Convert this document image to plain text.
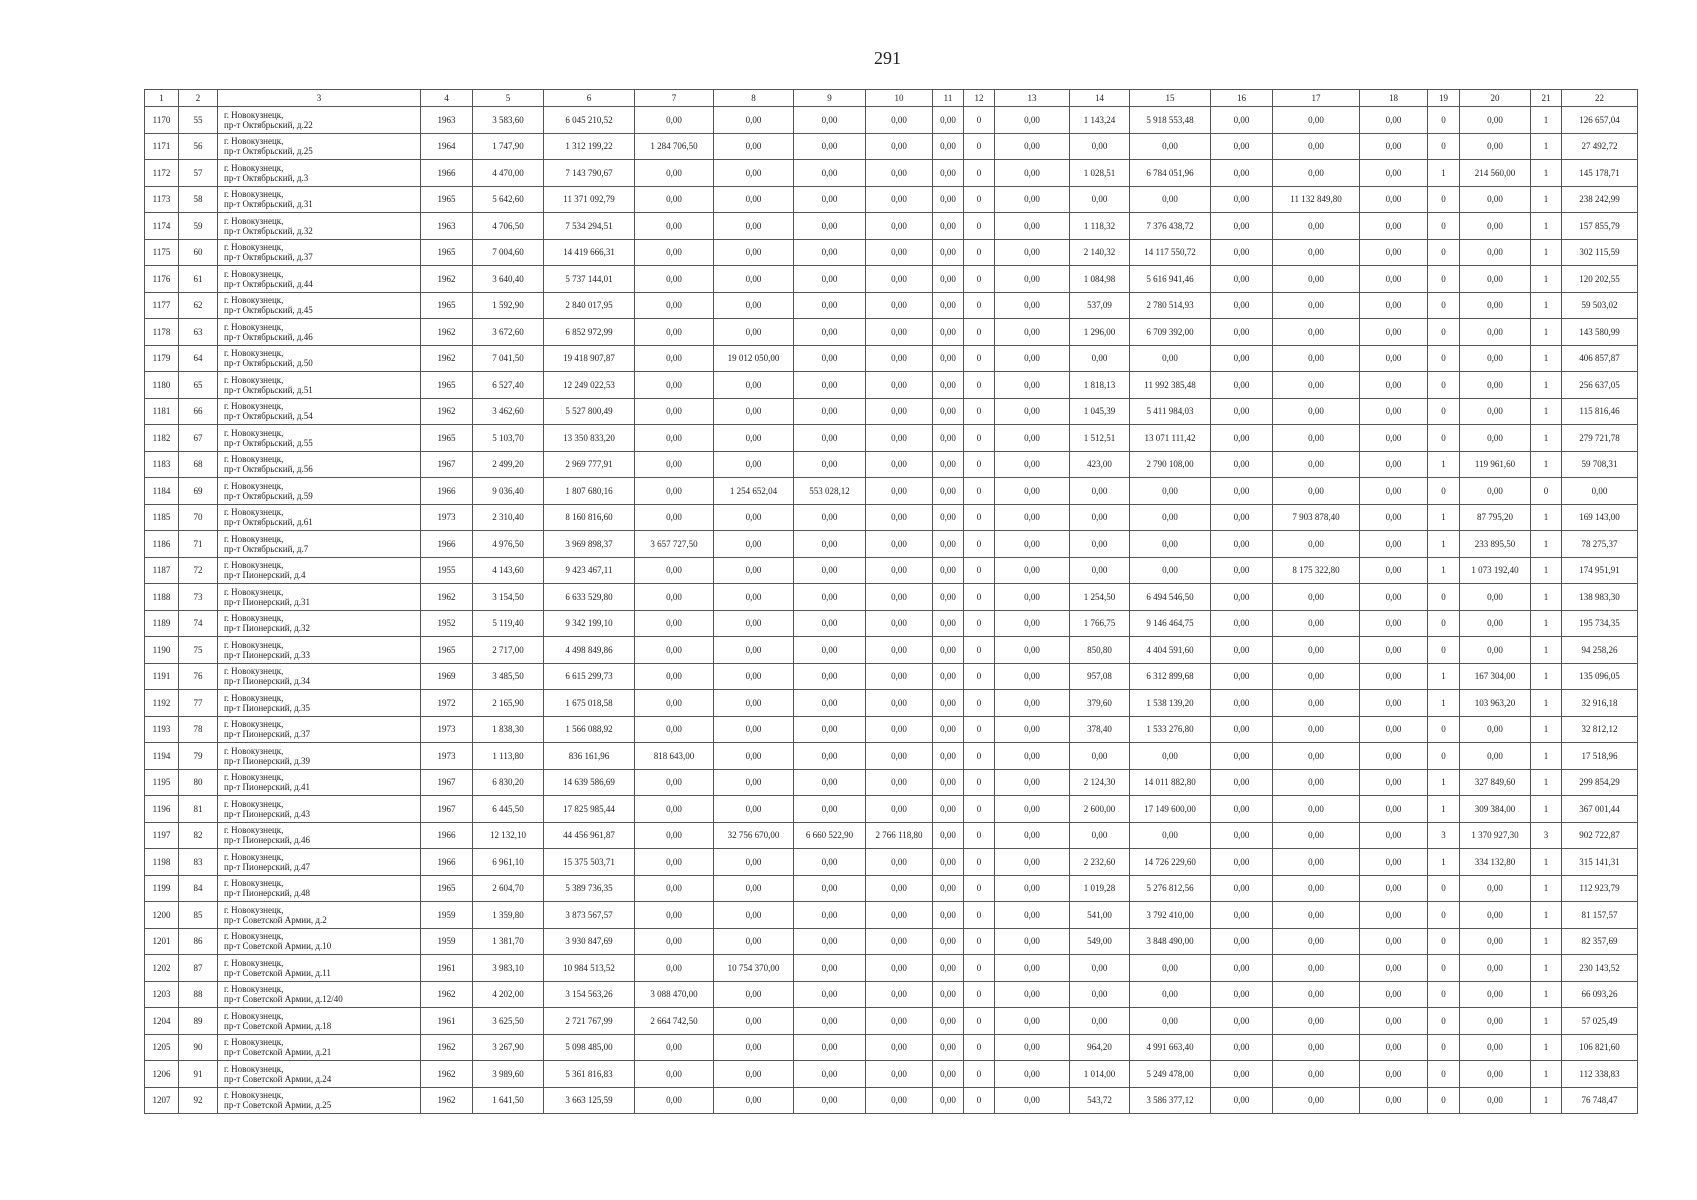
291
1	2	3	4	5	6	7	8	9	10	11	12	13	14	15	16	17	18	19	20	21	22
1170	55	г. Новокузнецк,
пр-т Октябрьский, д.22	1963	3 583,60	6 045 210,52	0,00	0,00	0,00	0,00	0,00	0	0,00	1 143,24	5 918 553,48	0,00	0,00	0,00	0	0,00	1	126 657,04
1171	56	г. Новокузнецк,
пр-т Октябрьский, д.25	1964	1 747,90	1 312 199,22	1 284 706,50	0,00	0,00	0,00	0,00	0	0,00	0,00	0,00	0,00	0,00	0,00	0	0,00	1	27 492,72
1172	57	г. Новокузнецк,
пр-т Октябрьский, д.3	1966	4 470,00	7 143 790,67	0,00	0,00	0,00	0,00	0,00	0	0,00	1 028,51	6 784 051,96	0,00	0,00	0,00	1	214 560,00	1	145 178,71
1173	58	г. Новокузнецк,
пр-т Октябрьский, д.31	1965	5 642,60	11 371 092,79	0,00	0,00	0,00	0,00	0,00	0	0,00	0,00	0,00	0,00	11 132 849,80	0,00	0	0,00	1	238 242,99
1174	59	г. Новокузнецк,
пр-т Октябрьский, д.32	1963	4 706,50	7 534 294,51	0,00	0,00	0,00	0,00	0,00	0	0,00	1 118,32	7 376 438,72	0,00	0,00	0,00	0	0,00	1	157 855,79
1175	60	г. Новокузнецк,
пр-т Октябрьский, д.37	1965	7 004,60	14 419 666,31	0,00	0,00	0,00	0,00	0,00	0	0,00	2 140,32	14 117 550,72	0,00	0,00	0,00	0	0,00	1	302 115,59
1176	61	г. Новокузнецк,
пр-т Октябрьский, д.44	1962	3 640,40	5 737 144,01	0,00	0,00	0,00	0,00	0,00	0	0,00	1 084,98	5 616 941,46	0,00	0,00	0,00	0	0,00	1	120 202,55
1177	62	г. Новокузнецк,
пр-т Октябрьский, д.45	1965	1 592,90	2 840 017,95	0,00	0,00	0,00	0,00	0,00	0	0,00	537,09	2 780 514,93	0,00	0,00	0,00	0	0,00	1	59 503,02
1178	63	г. Новокузнецк,
пр-т Октябрьский, д.46	1962	3 672,60	6 852 972,99	0,00	0,00	0,00	0,00	0,00	0	0,00	1 296,00	6 709 392,00	0,00	0,00	0,00	0	0,00	1	143 580,99
1179	64	г. Новокузнецк,
пр-т Октябрьский, д.50	1962	7 041,50	19 418 907,87	0,00	19 012 050,00	0,00	0,00	0,00	0	0,00	0,00	0,00	0,00	0,00	0,00	0	0,00	1	406 857,87
1180	65	г. Новокузнецк,
пр-т Октябрьский, д.51	1965	6 527,40	12 249 022,53	0,00	0,00	0,00	0,00	0,00	0	0,00	1 818,13	11 992 385,48	0,00	0,00	0,00	0	0,00	1	256 637,05
1181	66	г. Новокузнецк,
пр-т Октябрьский, д.54	1962	3 462,60	5 527 800,49	0,00	0,00	0,00	0,00	0,00	0	0,00	1 045,39	5 411 984,03	0,00	0,00	0,00	0	0,00	1	115 816,46
1182	67	г. Новокузнецк,
пр-т Октябрьский, д.55	1965	5 103,70	13 350 833,20	0,00	0,00	0,00	0,00	0,00	0	0,00	1 512,51	13 071 111,42	0,00	0,00	0,00	0	0,00	1	279 721,78
1183	68	г. Новокузнецк,
пр-т Октябрьский, д.56	1967	2 499,20	2 969 777,91	0,00	0,00	0,00	0,00	0,00	0	0,00	423,00	2 790 108,00	0,00	0,00	0,00	1	119 961,60	1	59 708,31
1184	69	г. Новокузнецк,
пр-т Октябрьский, д.59	1966	9 036,40	1 807 680,16	0,00	1 254 652,04	553 028,12	0,00	0,00	0	0,00	0,00	0,00	0,00	0,00	0,00	0	0,00	0	0,00
1185	70	г. Новокузнецк,
пр-т Октябрьский, д.61	1973	2 310,40	8 160 816,60	0,00	0,00	0,00	0,00	0,00	0	0,00	0,00	0,00	0,00	7 903 878,40	0,00	1	87 795,20	1	169 143,00
1186	71	г. Новокузнецк,
пр-т Октябрьский, д.7	1966	4 976,50	3 969 898,37	3 657 727,50	0,00	0,00	0,00	0,00	0	0,00	0,00	0,00	0,00	0,00	0,00	1	233 895,50	1	78 275,37
1187	72	г. Новокузнецк,
пр-т Пионерский, д.4	1955	4 143,60	9 423 467,11	0,00	0,00	0,00	0,00	0,00	0	0,00	0,00	0,00	0,00	8 175 322,80	0,00	1	1 073 192,40	1	174 951,91
1188	73	г. Новокузнецк,
пр-т Пионерский, д.31	1962	3 154,50	6 633 529,80	0,00	0,00	0,00	0,00	0,00	0	0,00	1 254,50	6 494 546,50	0,00	0,00	0,00	0	0,00	1	138 983,30
1189	74	г. Новокузнецк,
пр-т Пионерский, д.32	1952	5 119,40	9 342 199,10	0,00	0,00	0,00	0,00	0,00	0	0,00	1 766,75	9 146 464,75	0,00	0,00	0,00	0	0,00	1	195 734,35
1190	75	г. Новокузнецк,
пр-т Пионерский, д.33	1965	2 717,00	4 498 849,86	0,00	0,00	0,00	0,00	0,00	0	0,00	850,80	4 404 591,60	0,00	0,00	0,00	0	0,00	1	94 258,26
1191	76	г. Новокузнецк,
пр-т Пионерский, д.34	1969	3 485,50	6 615 299,73	0,00	0,00	0,00	0,00	0,00	0	0,00	957,08	6 312 899,68	0,00	0,00	0,00	1	167 304,00	1	135 096,05
1192	77	г. Новокузнецк,
пр-т Пионерский, д.35	1972	2 165,90	1 675 018,58	0,00	0,00	0,00	0,00	0,00	0	0,00	379,60	1 538 139,20	0,00	0,00	0,00	1	103 963,20	1	32 916,18
1193	78	г. Новокузнецк,
пр-т Пионерский, д.37	1973	1 838,30	1 566 088,92	0,00	0,00	0,00	0,00	0,00	0	0,00	378,40	1 533 276,80	0,00	0,00	0,00	0	0,00	1	32 812,12
1194	79	г. Новокузнецк,
пр-т Пионерский, д.39	1973	1 113,80	836 161,96	818 643,00	0,00	0,00	0,00	0,00	0	0,00	0,00	0,00	0,00	0,00	0,00	0	0,00	1	17 518,96
1195	80	г. Новокузнецк,
пр-т Пионерский, д.41	1967	6 830,20	14 639 586,69	0,00	0,00	0,00	0,00	0,00	0	0,00	2 124,30	14 011 882,80	0,00	0,00	0,00	1	327 849,60	1	299 854,29
1196	81	г. Новокузнецк,
пр-т Пионерский, д.43	1967	6 445,50	17 825 985,44	0,00	0,00	0,00	0,00	0,00	0	0,00	2 600,00	17 149 600,00	0,00	0,00	0,00	1	309 384,00	1	367 001,44
1197	82	г. Новокузнецк,
пр-т Пионерский, д.46	1966	12 132,10	44 456 961,87	0,00	32 756 670,00	6 660 522,90	2 766 118,80	0,00	0	0,00	0,00	0,00	0,00	0,00	0,00	3	1 370 927,30	3	902 722,87
1198	83	г. Новокузнецк,
пр-т Пионерский, д.47	1966	6 961,10	15 375 503,71	0,00	0,00	0,00	0,00	0,00	0	0,00	2 232,60	14 726 229,60	0,00	0,00	0,00	1	334 132,80	1	315 141,31
1199	84	г. Новокузнецк,
пр-т Пионерский, д.48	1965	2 604,70	5 389 736,35	0,00	0,00	0,00	0,00	0,00	0	0,00	1 019,28	5 276 812,56	0,00	0,00	0,00	0	0,00	1	112 923,79
1200	85	г. Новокузнецк,
пр-т Советской Армии, д.2	1959	1 359,80	3 873 567,57	0,00	0,00	0,00	0,00	0,00	0	0,00	541,00	3 792 410,00	0,00	0,00	0,00	0	0,00	1	81 157,57
1201	86	г. Новокузнецк,
пр-т Советской Армии, д.10	1959	1 381,70	3 930 847,69	0,00	0,00	0,00	0,00	0,00	0	0,00	549,00	3 848 490,00	0,00	0,00	0,00	0	0,00	1	82 357,69
1202	87	г. Новокузнецк,
пр-т Советской Армии, д.11	1961	3 983,10	10 984 513,52	0,00	10 754 370,00	0,00	0,00	0,00	0	0,00	0,00	0,00	0,00	0,00	0,00	0	0,00	1	230 143,52
1203	88	г. Новокузнецк,
пр-т Советской Армии, д.12/40	1962	4 202,00	3 154 563,26	3 088 470,00	0,00	0,00	0,00	0,00	0	0,00	0,00	0,00	0,00	0,00	0,00	0	0,00	1	66 093,26
1204	89	г. Новокузнецк,
пр-т Советской Армии, д.18	1961	3 625,50	2 721 767,99	2 664 742,50	0,00	0,00	0,00	0,00	0	0,00	0,00	0,00	0,00	0,00	0,00	0	0,00	1	57 025,49
1205	90	г. Новокузнецк,
пр-т Советской Армии, д.21	1962	3 267,90	5 098 485,00	0,00	0,00	0,00	0,00	0,00	0	0,00	964,20	4 991 663,40	0,00	0,00	0,00	0	0,00	1	106 821,60
1206	91	г. Новокузнецк,
пр-т Советской Армии, д.24	1962	3 989,60	5 361 816,83	0,00	0,00	0,00	0,00	0,00	0	0,00	1 014,00	5 249 478,00	0,00	0,00	0,00	0	0,00	1	112 338,83
1207	92	г. Новокузнецк,
пр-т Советской Армии, д.25	1962	1 641,50	3 663 125,59	0,00	0,00	0,00	0,00	0,00	0	0,00	543,72	3 586 377,12	0,00	0,00	0,00	0	0,00	1	76 748,47
